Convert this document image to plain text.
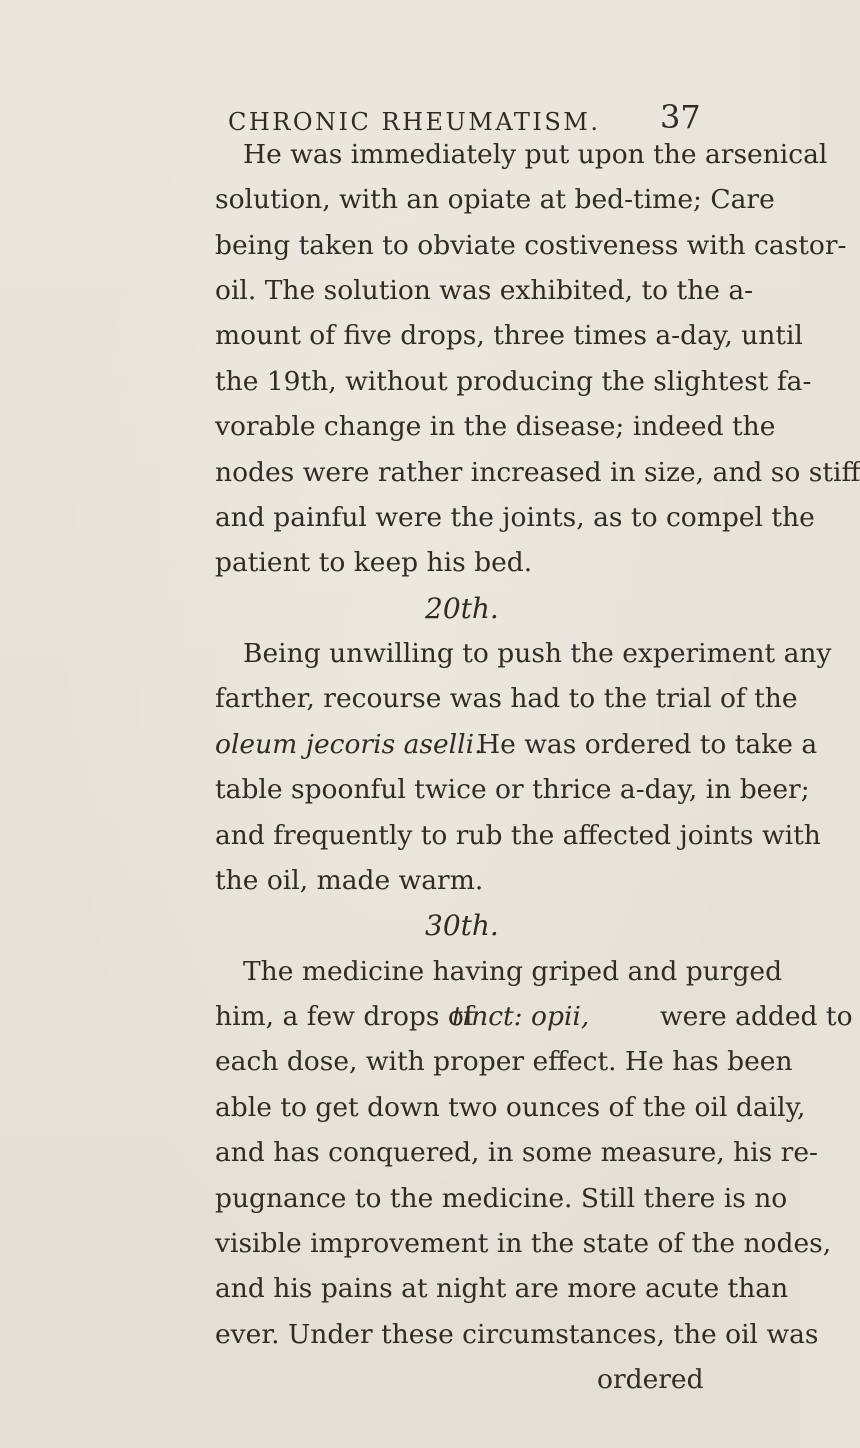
CHRONIC RHEUMATISM. 37
He was immediately put upon the arsenical
solution, with an opiate at bed-time; Care
being taken to obviate costiveness with castor-
oil. The solution was exhibited, to the a-
mount of five drops, three times a-day, until
the 19th, without producing the slightest fa-
vorable change in the disease; indeed the
nodes were rather increased in size, and so stiff
and painful were the joints, as to compel the
patient to keep his bed.
20th.
Being unwilling to push the experiment any
farther, recourse was had to the trial of the
oleum jecoris aselli.
He was ordered to take a
table spoonful twice or thrice a-day, in beer;
and frequently to rub the affected joints with
the oil, made warm.
30th.
The medicine having griped and purged
him, a few drops of
tinct: opii,	were added to
each dose, with proper effect. He has been
able to get down two ounces of the oil daily,
and has conquered, in some measure, his re-
pugnance to the medicine. Still there is no
visible improvement in the state of the nodes,
and his pains at night are more acute than
ever. Under these circumstances, the oil was
ordered
